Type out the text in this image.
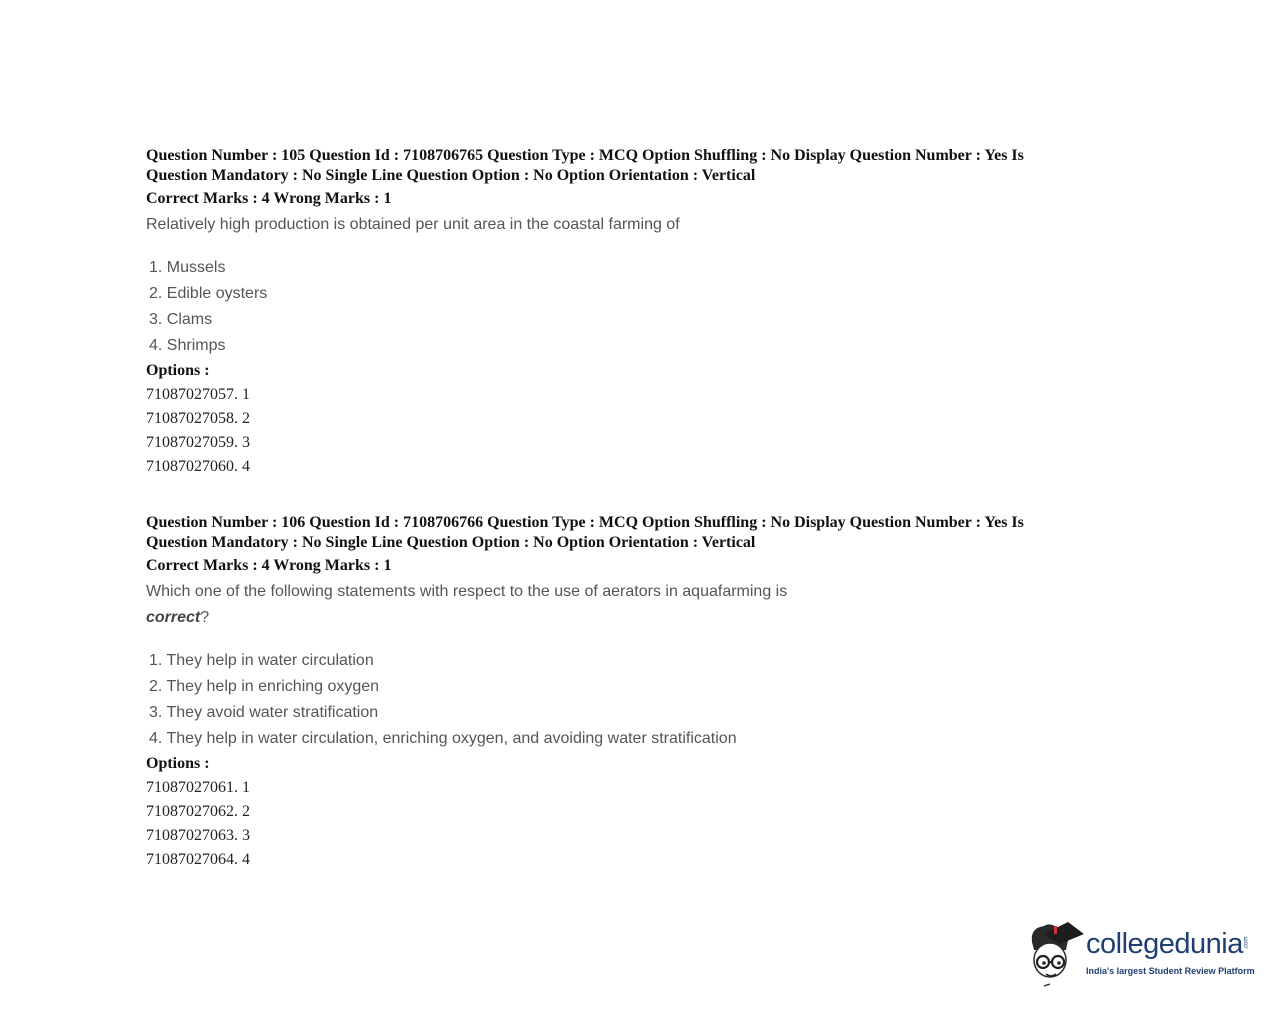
Question Number : 105 Question Id : 7108706765 Question Type : MCQ Option Shuffling : No Display Question Number : Yes Is
Question Mandatory : No Single Line Question Option : No Option Orientation : Vertical
Correct Marks : 4 Wrong Marks : 1
Relatively high production is obtained per unit area in the coastal farming of
1. Mussels
2. Edible oysters
3. Clams
4. Shrimps
Options :
71087027057. 1
71087027058. 2
71087027059. 3
71087027060. 4
Question Number : 106 Question Id : 7108706766 Question Type : MCQ Option Shuffling : No Display Question Number : Yes Is
Question Mandatory : No Single Line Question Option : No Option Orientation : Vertical
Correct Marks : 4 Wrong Marks : 1
Which one of the following statements with respect to the use of aerators in aquafarming is
correct?
1. They help in water circulation
2. They help in enriching oxygen
3. They avoid water stratification
4. They help in water circulation, enriching oxygen, and avoiding water stratification
Options :
71087027061. 1
71087027062. 2
71087027063. 3
71087027064. 4
collegedunia .com
India's largest Student Review Platform
